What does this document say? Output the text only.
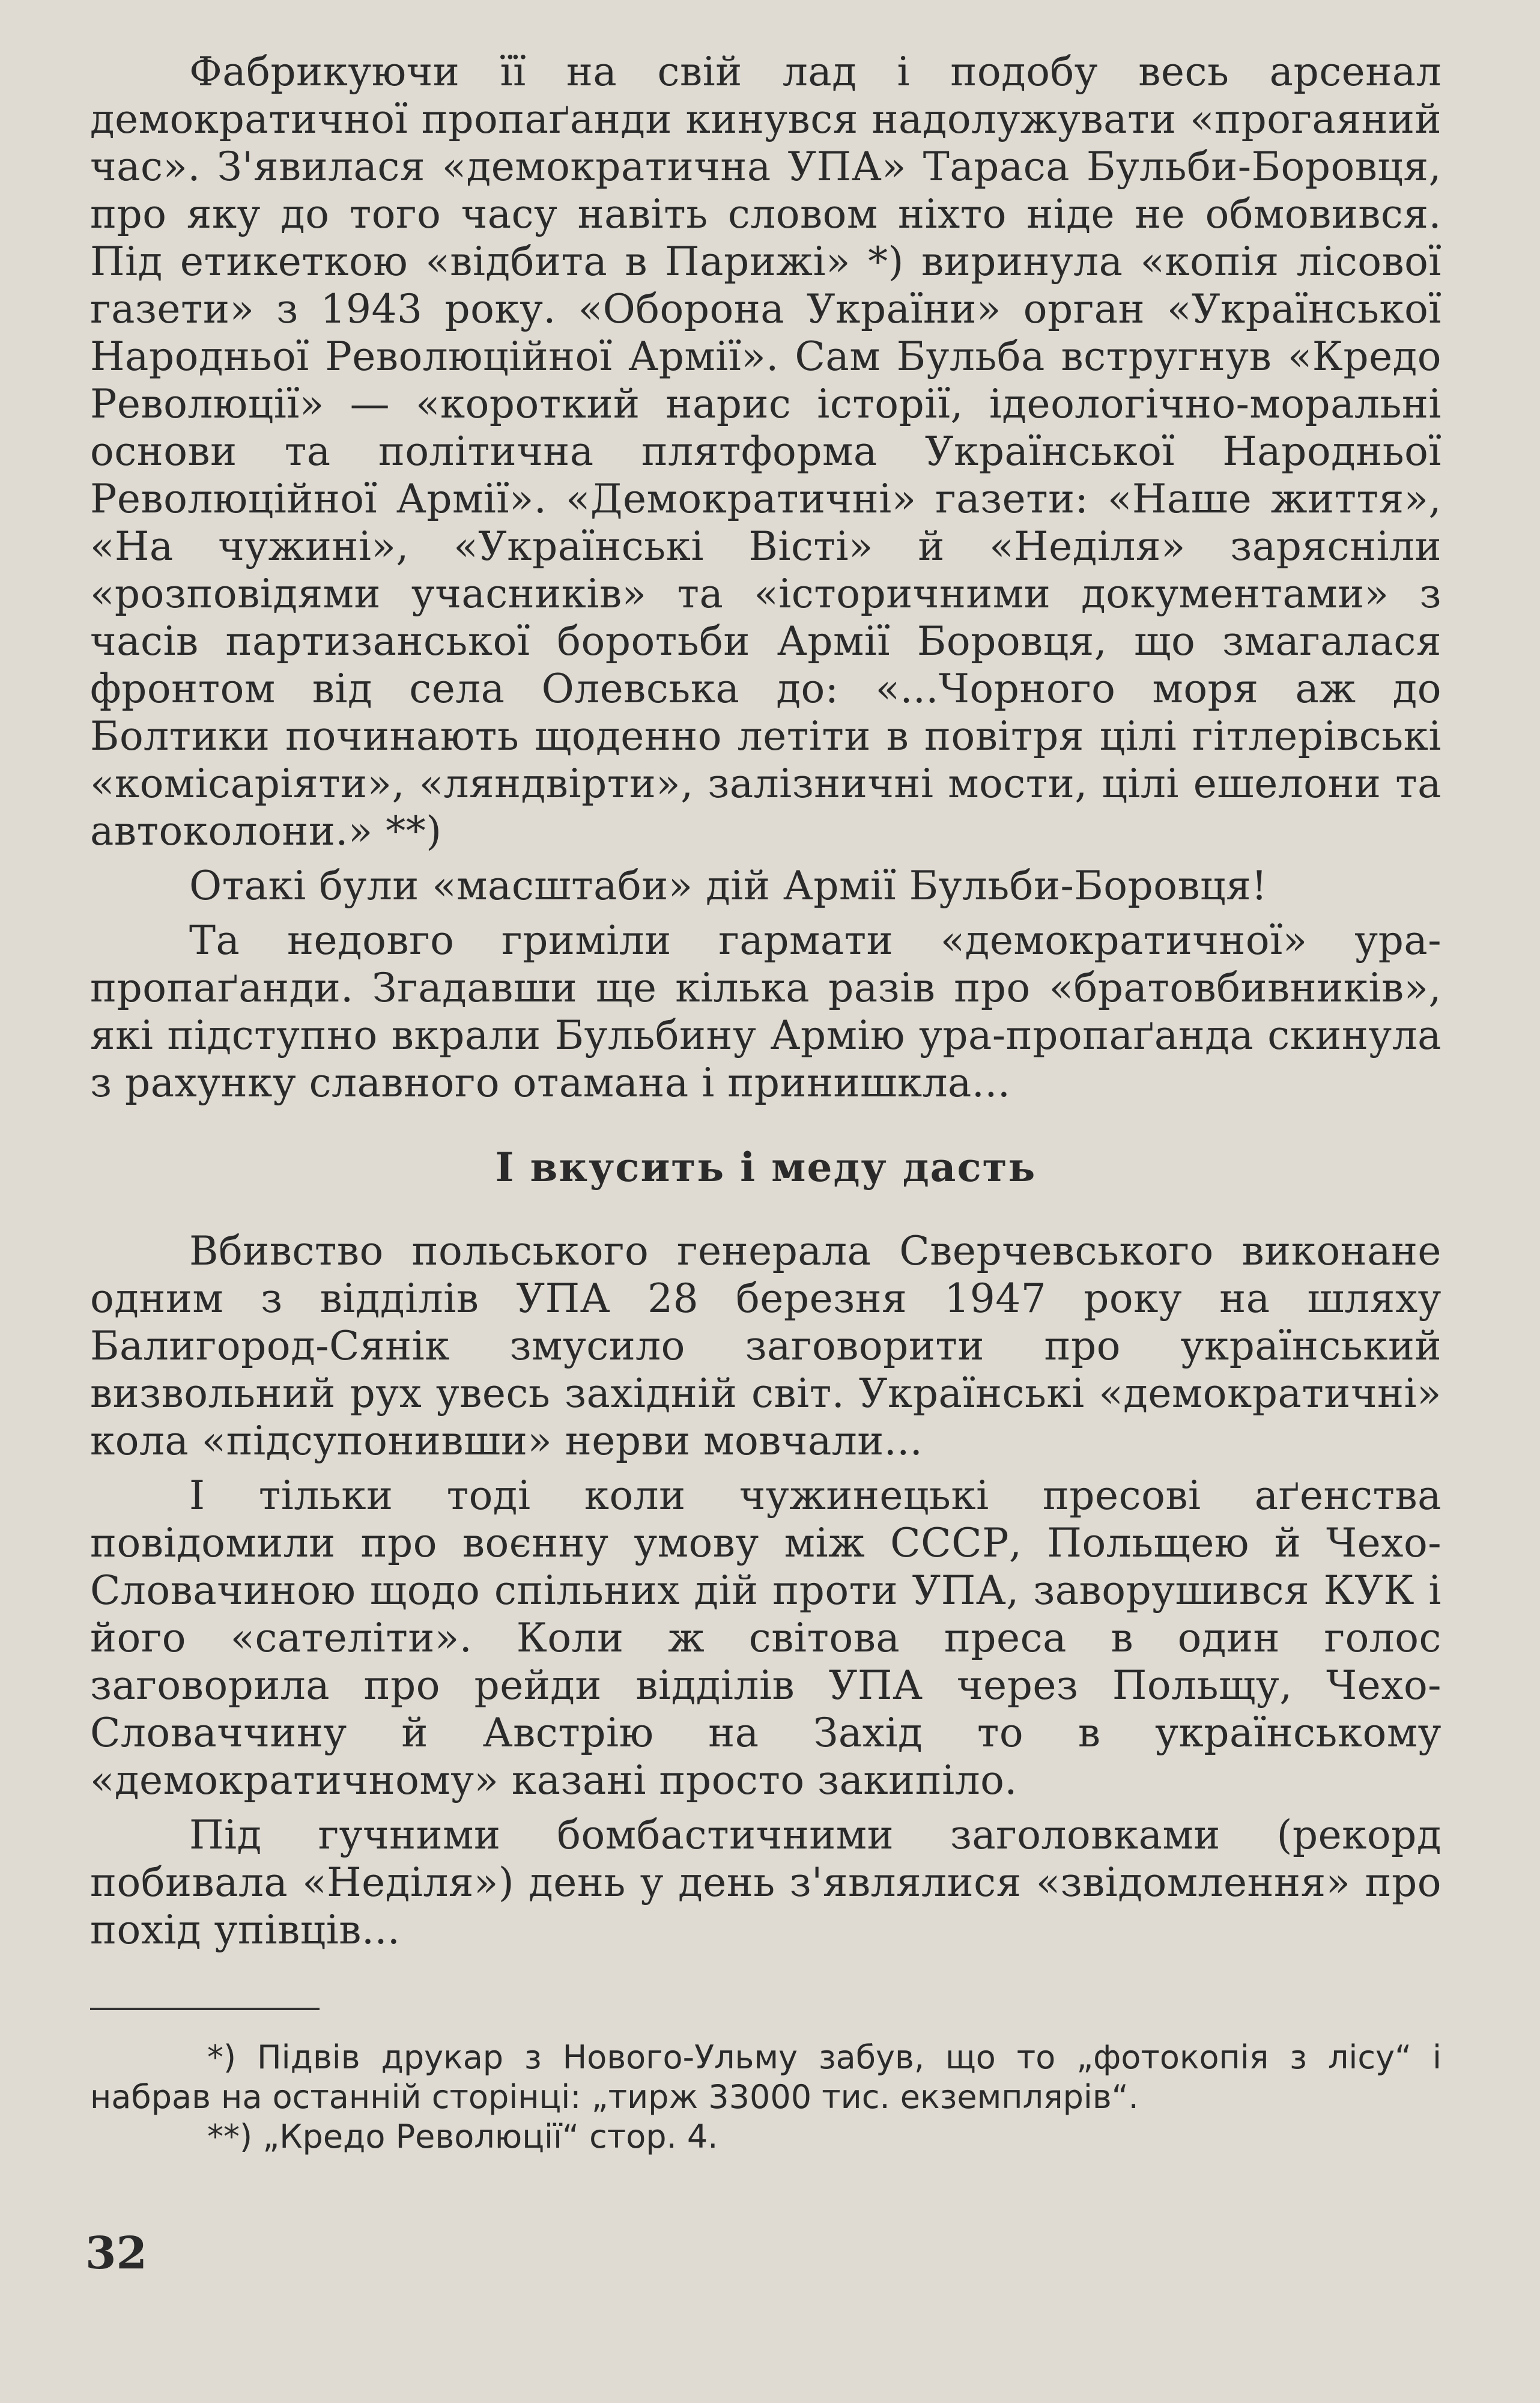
Фабрикуючи її на свій лад і подобу весь арсенал демократичної пропаґанди кинувся надолужувати «прогаяний час». З'явилася «демократична УПА» Тараса Бульби-Боровця, про яку до того часу навіть словом ніхто ніде не обмовився. Під етикеткою «відбита в Парижі» *) виринула «копія лісової газети» з 1943 року. «Оборона України» орган «Української Народньої Революційної Армії». Сам Бульба встругнув «Кредо Революції» — «короткий нарис історії, ідеологічно-моральні основи та політична плятформа Української Народньої Революційної Армії». «Демократичні» газети: «Наше життя», «На чужині», «Українські Вісті» й «Неділя» зарясніли «розповідями учасників» та «історичними документами» з часів партизанської боротьби Армії Боровця, що змагалася фронтом від села Олевська до: «...Чорного моря аж до Болтики починають щоденно летіти в повітря цілі гітлерівські «комісаріяти», «ляндвірти», залізничні мости, цілі ешелони та автоколони.» **)

Отакі були «масштаби» дій Армії Бульби-Боровця!

Та недовго гриміли гармати «демократичної» ура-пропаґанди. Згадавши ще кілька разів про «братовбивників», які підступно вкрали Бульбину Армію ура-пропаґанда скинула з рахунку славного отамана і принишкла...

І вкусить і меду дасть

Вбивство польського генерала Сверчевського виконане одним з відділів УПА 28 березня 1947 року на шляху Балигород-Сянік змусило заговорити про український визвольний рух увесь західній світ. Українські «демократичні» кола «підсупонивши» нерви мовчали...

І тільки тоді коли чужинецькі пресові аґенства повідомили про воєнну умову між СССР, Польщею й Чехо-Словачиною щодо спільних дій проти УПА, заворушився КУК і його «сателіти». Коли ж світова преса в один голос заговорила про рейди відділів УПА через Польщу, Чехо-Словаччину й Австрію на Захід то в українському «демократичному» казані просто закипіло.

Під гучними бомбастичними заголовками (рекорд побивала «Неділя») день у день з'являлися «звідомлення» про похід упівців...

*) Підвів друкар з Нового-Ульму забув, що то „фотокопія з лісу“ і набрав на останній сторінці: „тирж 33000 тис. екземплярів“.

**) „Кредо Революції“ стор. 4.

32
